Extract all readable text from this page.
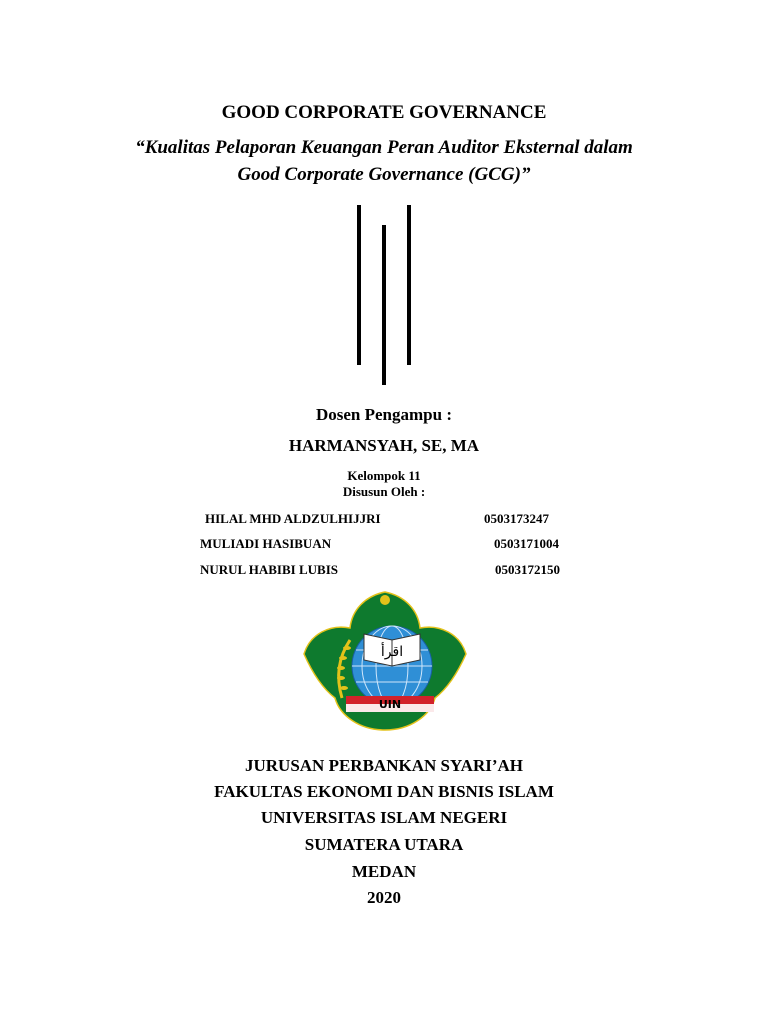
GOOD CORPORATE GOVERNANCE
“Kualitas Pelaporan Keuangan Peran Auditor Eksternal dalam
Good Corporate Governance (GCG)”
Dosen Pengampu :
HARMANSYAH, SE, MA
Kelompok 11
Disusun Oleh :
HILAL MHD ALDZULHIJJRI	0503173247
MULIADI HASIBUAN	0503171004
NURUL HABIBI LUBIS	0503172150
اقرأ
UIN
JURUSAN PERBANKAN SYARI’AH
FAKULTAS EKONOMI DAN BISNIS ISLAM
UNIVERSITAS ISLAM NEGERI
SUMATERA UTARA
MEDAN
2020
